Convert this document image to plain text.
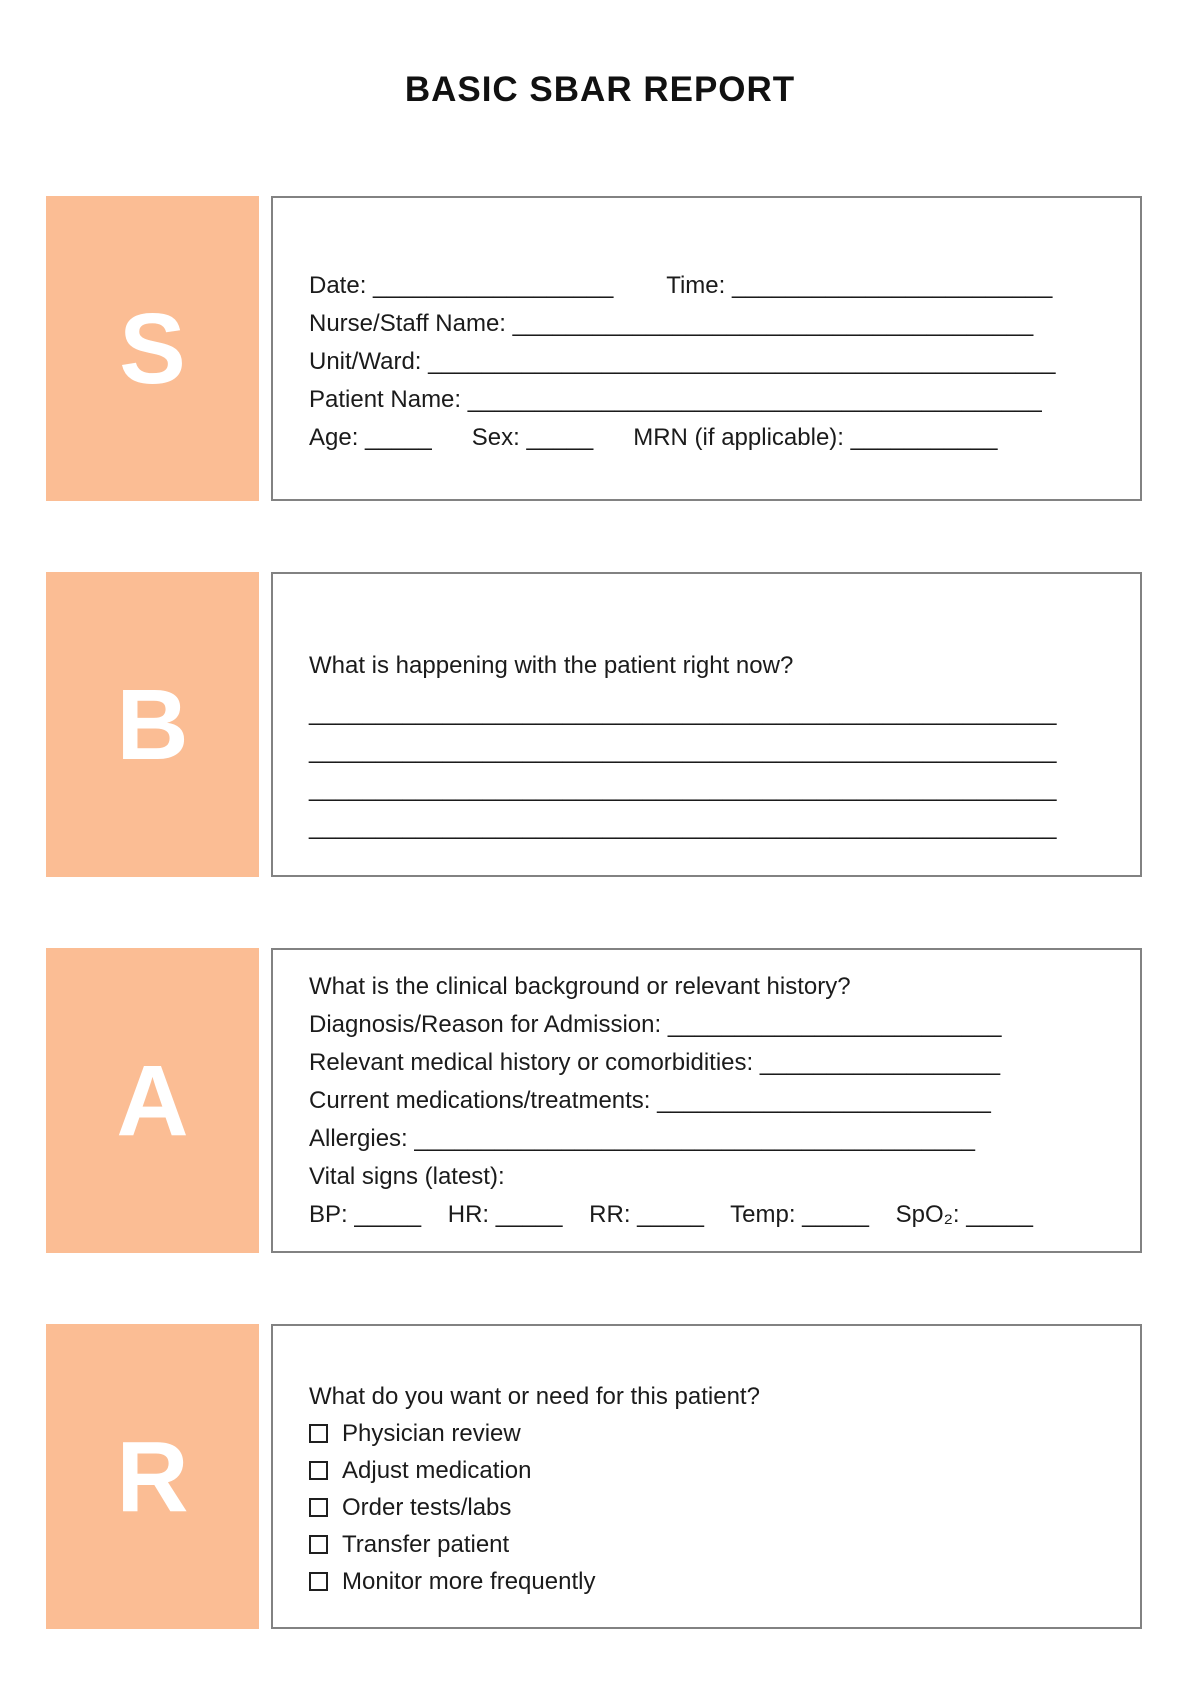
BASIC SBAR REPORT
S
Date: __________________        Time: ________________________
Nurse/Staff Name: _______________________________________
Unit/Ward: _______________________________________________
Patient Name: ___________________________________________
Age: _____      Sex: _____      MRN (if applicable): ___________
B
What is happening with the patient right now?
________________________________________________________
________________________________________________________
________________________________________________________
________________________________________________________
A
What is the clinical background or relevant history?
Diagnosis/Reason for Admission: _________________________
Relevant medical history or comorbidities: __________________
Current medications/treatments: _________________________
Allergies: __________________________________________
Vital signs (latest):
BP: _____    HR: _____    RR: _____    Temp: _____    SpO₂: _____
R
What do you want or need for this patient?
Physician review
Adjust medication
Order tests/labs
Transfer patient
Monitor more frequently
